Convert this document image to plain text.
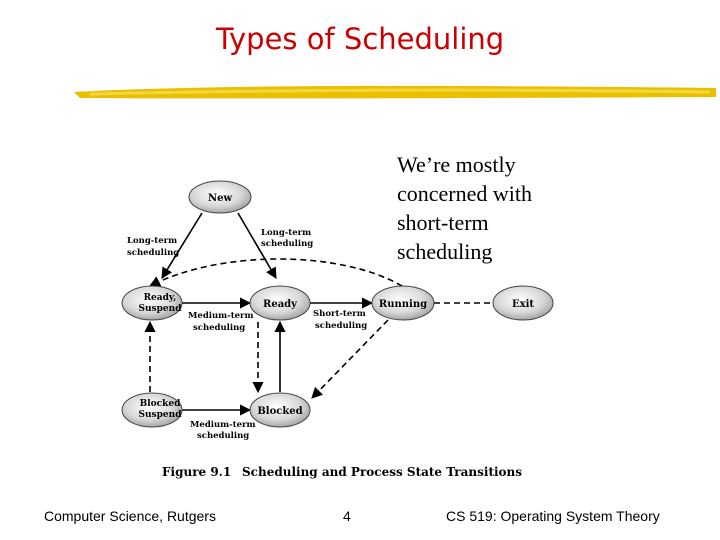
Types of Scheduling
We’re mostly concerned with short-term scheduling
New
Ready,
Suspend	Ready	Running	Exit
Blocked
Suspend	Blocked
Long-term
scheduling
Long-term
scheduling
Medium-term
scheduling
Short-term
scheduling
Medium-term
scheduling
Figure 9.1 Scheduling and Process State Transitions
Computer Science, Rutgers	4	CS 519: Operating System Theory
